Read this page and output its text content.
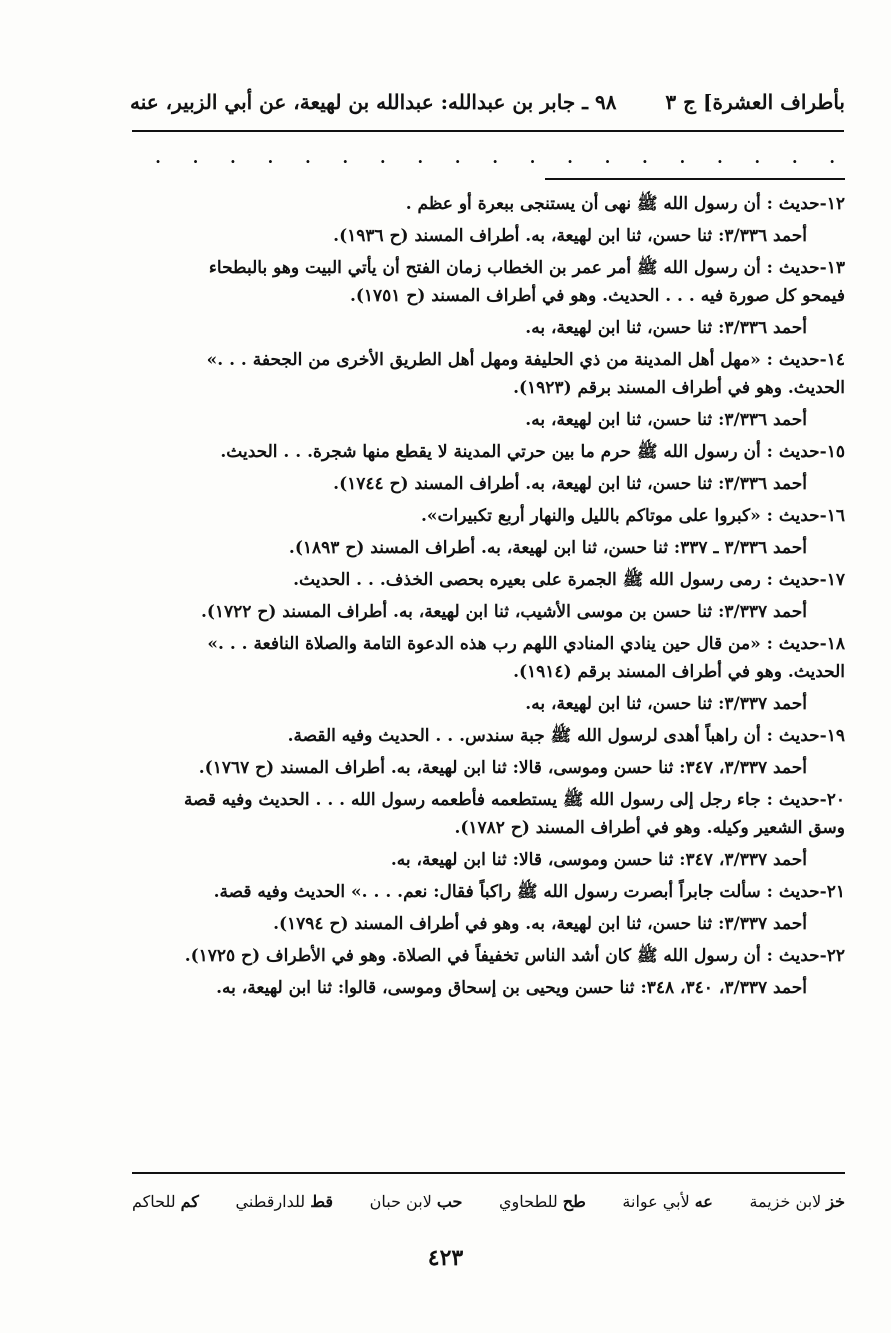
بأطراف العشرة] ج ٣
٩٨ ـ جابر بن عبدالله: عبدالله بن لهيعة، عن أبي الزبير، عنه
.
.
.
.
.
.
.
.
.
.
.
.
.
.
.
.
.
.
.
١٢-حديث : أن رسول الله ﷺ نهى أن يستنجى ببعرة أو عظم .
أحمد ٣/٣٣٦: ثنا حسن، ثنا ابن لهيعة، به. أطراف المسند (ح ١٩٣٦).
١٣-حديث : أن رسول الله ﷺ أمر عمر بن الخطاب زمان الفتح أن يأتي البيت وهو بالبطحاء
فيمحو كل صورة فيه . . . الحديث. وهو في أطراف المسند (ح ١٧٥١).
أحمد ٣/٣٣٦: ثنا حسن، ثنا ابن لهيعة، به.
١٤-حديث : «مهل أهل المدينة من ذي الحليفة ومهل أهل الطريق الأخرى من الجحفة . . .»
الحديث. وهو في أطراف المسند برقم (١٩٢٣).
أحمد ٣/٣٣٦: ثنا حسن، ثنا ابن لهيعة، به.
١٥-حديث : أن رسول الله ﷺ حرم ما بين حرتي المدينة لا يقطع منها شجرة. . . الحديث.
أحمد ٣/٣٣٦: ثنا حسن، ثنا ابن لهيعة، به. أطراف المسند (ح ١٧٤٤).
١٦-حديث : «كبروا على موتاكم بالليل والنهار أربع تكبيرات».
أحمد ٣/٣٣٦ ـ ٣٣٧: ثنا حسن، ثنا ابن لهيعة، به. أطراف المسند (ح ١٨٩٣).
١٧-حديث : رمى رسول الله ﷺ الجمرة على بعيره بحصى الخذف. . . الحديث.
أحمد ٣/٣٣٧: ثنا حسن بن موسى الأشيب، ثنا ابن لهيعة، به. أطراف المسند (ح ١٧٢٢).
١٨-حديث : «من قال حين ينادي المنادي اللهم رب هذه الدعوة التامة والصلاة النافعة . . .»
الحديث. وهو في أطراف المسند برقم (١٩١٤).
أحمد ٣/٣٣٧: ثنا حسن، ثنا ابن لهيعة، به.
١٩-حديث : أن راهباً أهدى لرسول الله ﷺ جبة سندس. . . الحديث وفيه القصة.
أحمد ٣/٣٣٧، ٣٤٧: ثنا حسن وموسى، قالا: ثنا ابن لهيعة، به. أطراف المسند (ح ١٧٦٧).
٢٠-حديث : جاء رجل إلى رسول الله ﷺ يستطعمه فأطعمه رسول الله . . . الحديث وفيه قصة
وسق الشعير وكيله. وهو في أطراف المسند (ح ١٧٨٢).
أحمد ٣/٣٣٧، ٣٤٧: ثنا حسن وموسى، قالا: ثنا ابن لهيعة، به.
٢١-حديث : سألت جابراً أبصرت رسول الله ﷺ راكباً فقال: نعم. . . .» الحديث وفيه قصة.
أحمد ٣/٣٣٧: ثنا حسن، ثنا ابن لهيعة، به. وهو في أطراف المسند (ح ١٧٩٤).
٢٢-حديث : أن رسول الله ﷺ كان أشد الناس تخفيفاً في الصلاة. وهو في الأطراف (ح ١٧٢٥).
أحمد ٣/٣٣٧، ٣٤٠، ٣٤٨: ثنا حسن ويحيى بن إسحاق وموسى، قالوا: ثنا ابن لهيعة، به.
خز
لابن خزيمة
عه
لأبي عوانة
طح
للطحاوي
حب
لابن حبان
قط
للدارقطني
كم
للحاكم
٤٢٣
